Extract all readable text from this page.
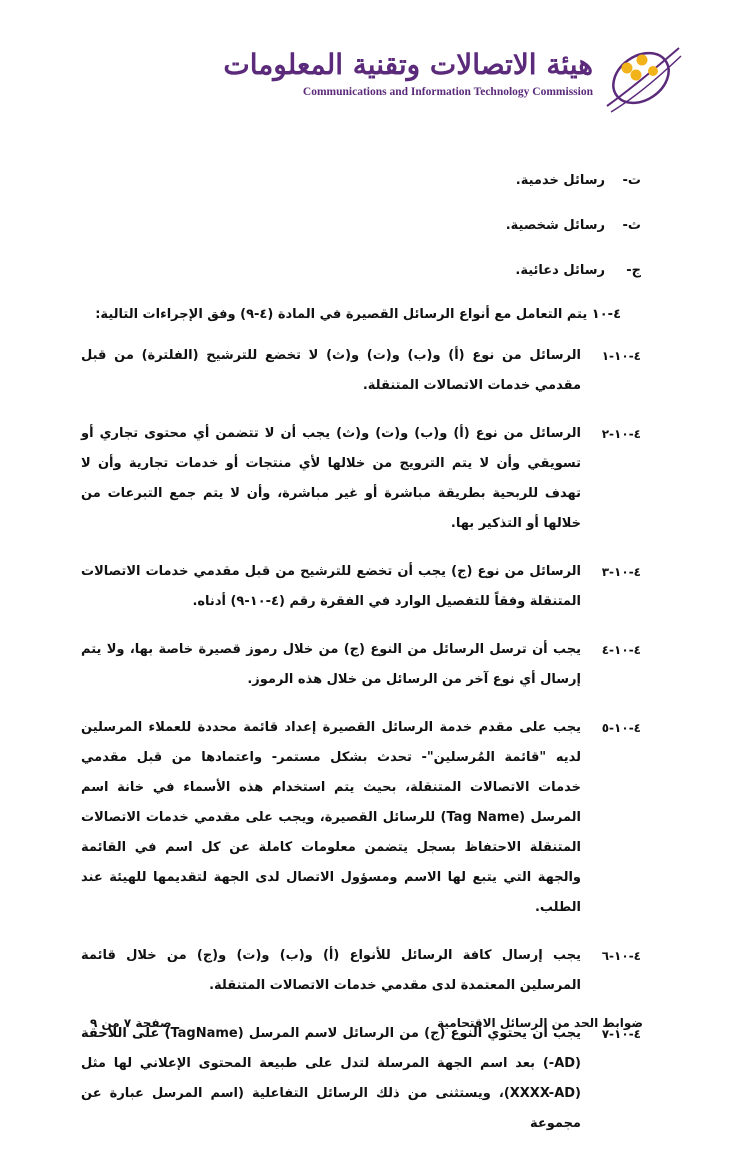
هيئة الاتصالات وتقنية المعلومات
Communications and Information Technology Commission
ت-رسائل خدمية.
ث-رسائل شخصية.
ج-رسائل دعائية.
٤-١٠ يتم التعامل مع أنواع الرسائل القصيرة في المادة (٤-٩) وفق الإجراءات التالية:
٤-١٠-١
الرسائل من نوع (أ) و(ب) و(ت) و(ث) لا تخضع للترشيح (الفلترة) من قبل مقدمي خدمات الاتصالات المتنقلة.
٤-١٠-٢
الرسائل من نوع (أ) و(ب) و(ت) و(ث) يجب أن لا تتضمن أي محتوى تجاري أو تسويقي وأن لا يتم الترويج من خلالها لأي منتجات أو خدمات تجارية وأن لا تهدف للربحية بطريقة مباشرة أو غير مباشرة، وأن لا يتم جمع التبرعات من خلالها أو التذكير بها.
٤-١٠-٣
الرسائل من نوع (ج) يجب أن تخضع للترشيح من قبل مقدمي خدمات الاتصالات المتنقلة وفقاً للتفصيل الوارد في الفقرة رقم (٤-١٠-٩) أدناه.
٤-١٠-٤
يجب أن ترسل الرسائل من النوع (ج) من خلال رموز قصيرة خاصة بها، ولا يتم إرسال أي نوع آخر من الرسائل من خلال هذه الرموز.
٤-١٠-٥
يجب على مقدم خدمة الرسائل القصيرة إعداد قائمة محددة للعملاء المرسلين لديه "قائمة المُرسلين"- تحدث بشكل مستمر- واعتمادها من قبل مقدمي خدمات الاتصالات المتنقلة، بحيث يتم استخدام هذه الأسماء في خانة اسم المرسل (Tag Name) للرسائل القصيرة، ويجب على مقدمي خدمات الاتصالات المتنقلة الاحتفاظ بسجل يتضمن معلومات كاملة عن كل اسم في القائمة والجهة التي يتبع لها الاسم ومسؤول الاتصال لدى الجهة لتقديمها للهيئة عند الطلب.
٤-١٠-٦
يجب إرسال كافة الرسائل للأنواع (أ) و(ب) و(ت) و(ج) من خلال قائمة المرسلين المعتمدة لدى مقدمي خدمات الاتصالات المتنقلة.
٤-١٠-٧
يجب أن يحتوي النوع (ج) من الرسائل لاسم المرسل (TagName) على اللاحقة (AD-) بعد اسم الجهة المرسلة لتدل على طبيعة المحتوى الإعلاني لها مثل (XXXX-AD)، ويستثنى من ذلك الرسائل التفاعلية (اسم المرسل عبارة عن مجموعة
ضوابط الحد من الرسائل الاقتحامية
صفحة ٧ من ٩
